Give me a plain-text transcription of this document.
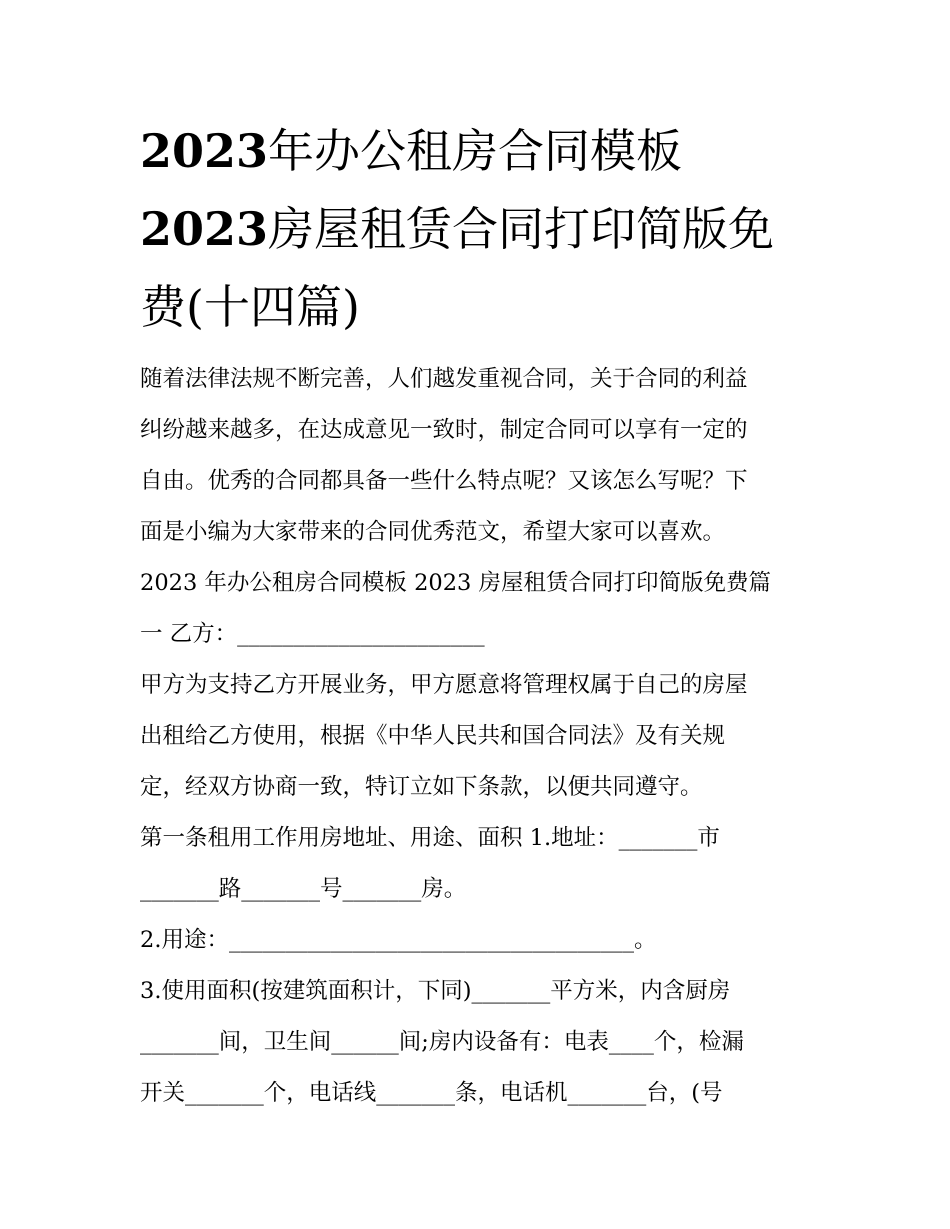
2023年办公租房合同模板
2023房屋租赁合同打印简版免
费(十四篇)
随着法律法规不断完善，人们越发重视合同，关于合同的利益
纠纷越来越多，在达成意见一致时，制定合同可以享有一定的
自由。优秀的合同都具备一些什么特点呢？又该怎么写呢？下
面是小编为大家带来的合同优秀范文，希望大家可以喜欢。
2023 年办公租房合同模板 2023 房屋租赁合同打印简版免费篇
一 乙方：______________________
甲方为支持乙方开展业务，甲方愿意将管理权属于自己的房屋
出租给乙方使用，根据《中华人民共和国合同法》及有关规
定，经双方协商一致，特订立如下条款，以便共同遵守。
第一条租用工作用房地址、用途、面积 1.地址：_______市
_______路_______号_______房。
2.用途：____________________________________。
3.使用面积(按建筑面积计，下同)_______平方米，内含厨房
_______间，卫生间______间;房内设备有：电表____个，检漏
开关_______个，电话线_______条，电话机_______台，(号
